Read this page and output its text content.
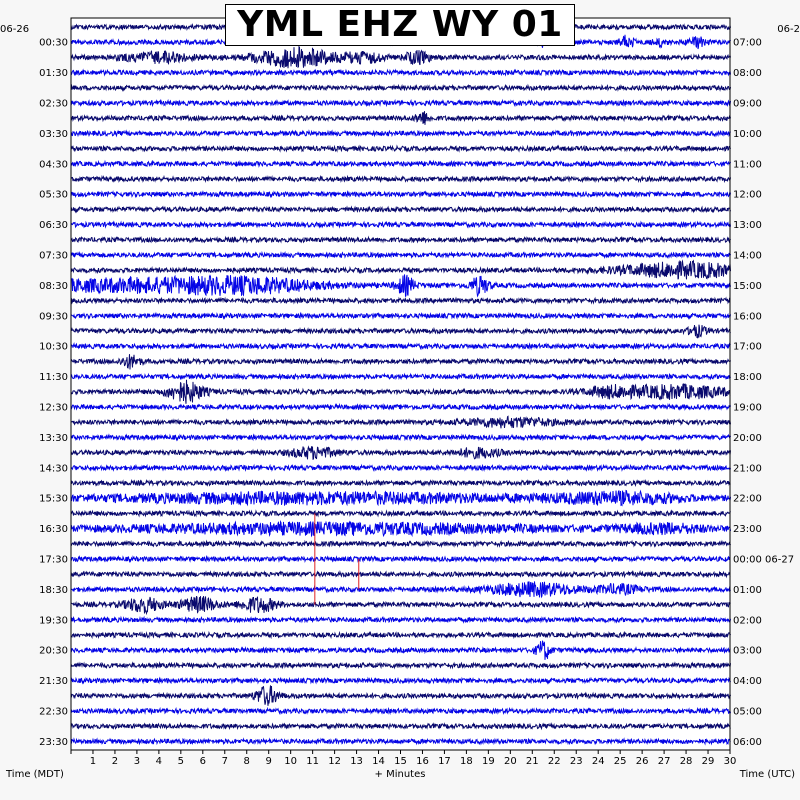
00:30
01:30
02:30
03:30
04:30
05:30
06:30
07:30
08:30
09:30
10:30
11:30
12:30
13:30
14:30
15:30
16:30
17:30
18:30
19:30
20:30
21:30
22:30
23:30
07:00
08:00
09:00
10:00
11:00
12:00
13:00
14:00
15:00
16:00
17:00
18:00
19:00
20:00
21:00
22:00
23:00
00:00 06-27
01:00
02:00
03:00
04:00
05:00
06:00
1 2 3 4 5 6 7 8 9 10 11 12 13 14 15 16 17 18 19 20 21 22 23 24 25 26 27 28 29 30
06-26	06-2
Time (MDT)	+ Minutes	Time (UTC)
YML EHZ WY 01
